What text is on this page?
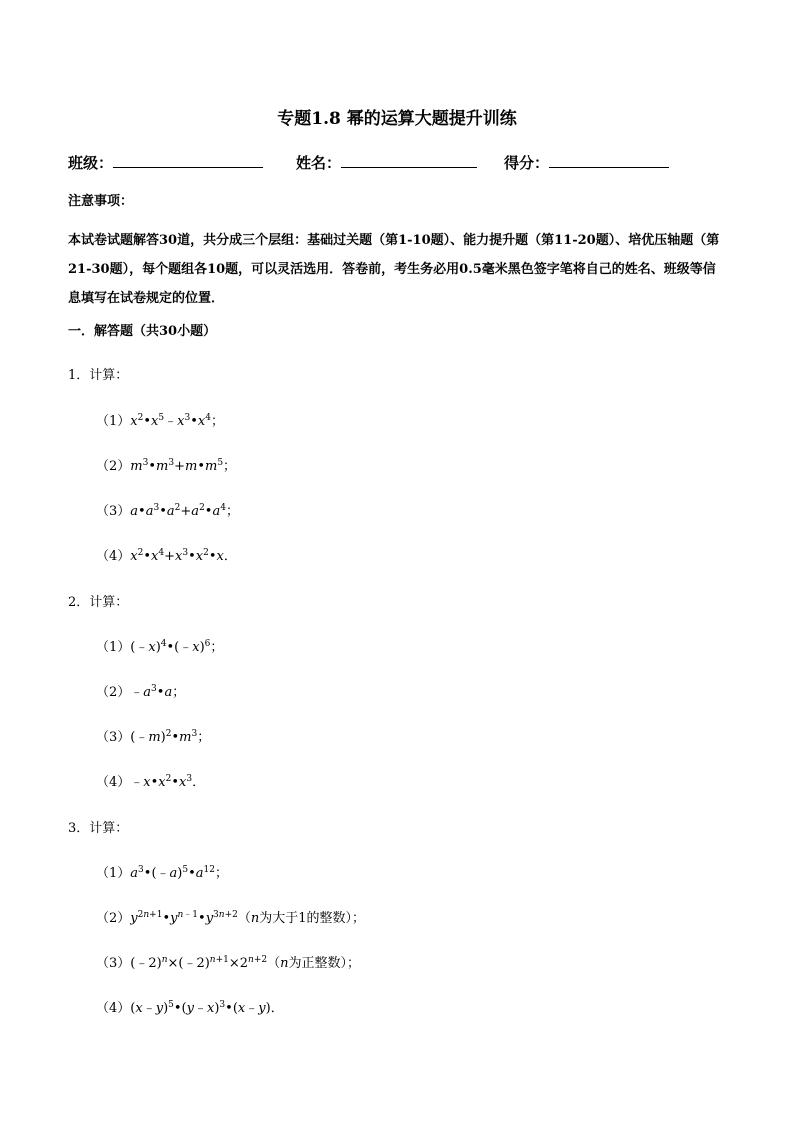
专题1.8 幂的运算大题提升训练
班级：	姓名：	得分：
注意事项：
本试卷试题解答30道，共分成三个层组：基础过关题（第1-10题）、能力提升题（第11-20题）、培优压轴题（第21-30题），每个题组各10题，可以灵活选用．答卷前，考生务必用0.5毫米黑色签字笔将自己的姓名、班级等信息填写在试卷规定的位置．
一．解答题（共30小题）
1．计算：
$(1)x^2•x^5﹣x^3•x^4$；
$(2)m^3•m^3+m•m^5$；
$(3)a•a^3•a^2+a^2•a^4$；
$(4)x^2•x^4+x^3•x^2•x$．
2．计算：
（1）(﹣x)$^4$•(﹣x)$^6$；
$(2)﹣a^3•a$；
$(3)(﹣m)^2•m^3$；
$(4)﹣x•x^2•x^3$．
3．计算：
$(1)a^3•(﹣a)^5•a^{12}$；
$(2)y^{2n+1}•y^{n﹣1}•y^{3n+2}(n$为大于1的整数）；
$(3)(﹣2)^n\times(﹣2)^{n+1}\times 2^{n+2}(n$为正整数）；
（4）(x﹣y)$^5$•(y﹣x)$^3$•(x﹣y)．
